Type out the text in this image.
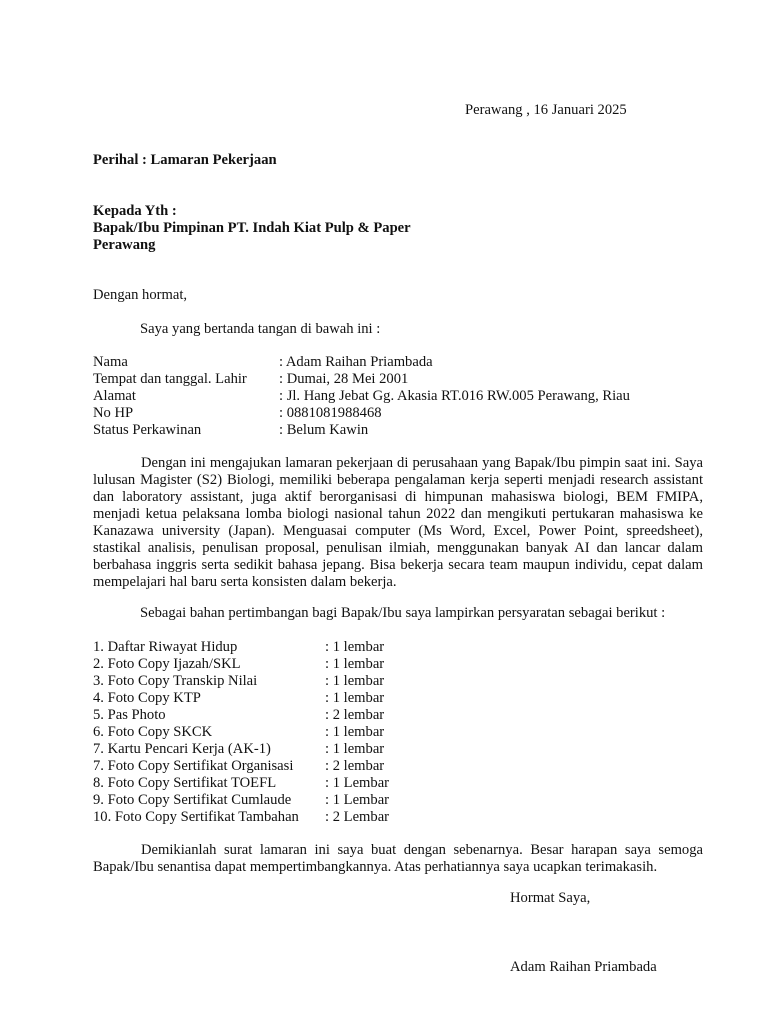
Perawang , 16 Januari 2025
Perihal : Lamaran Pekerjaan
Kepada Yth :
Bapak/Ibu Pimpinan PT. Indah Kiat Pulp & Paper
Perawang
Dengan hormat,
Saya yang bertanda tangan di bawah ini :
Nama	: Adam Raihan Priambada
Tempat dan tanggal. Lahir : Dumai, 28 Mei 2001
Alamat	: Jl. Hang Jebat Gg. Akasia RT.016 RW.005 Perawang, Riau
No HP	: 0881081988468
Status Perkawinan	: Belum Kawin
Dengan ini mengajukan lamaran pekerjaan di perusahaan yang Bapak/Ibu pimpin saat ini. Saya lulusan Magister (S2) Biologi, memiliki beberapa pengalaman kerja seperti menjadi research assistant dan laboratory assistant, juga aktif berorganisasi di himpunan mahasiswa biologi, BEM FMIPA, menjadi ketua pelaksana lomba biologi nasional tahun 2022 dan mengikuti pertukaran mahasiswa ke Kanazawa university (Japan). Menguasai computer (Ms Word, Excel, Power Point, spreedsheet), stastikal analisis, penulisan proposal, penulisan ilmiah, menggunakan banyak AI dan lancar dalam berbahasa inggris serta sedikit bahasa jepang. Bisa bekerja secara team maupun individu, cepat dalam mempelajari hal baru serta konsisten dalam bekerja.
Sebagai bahan pertimbangan bagi Bapak/Ibu saya lampirkan persyaratan sebagai berikut :
1. Daftar Riwayat Hidup	: 1 lembar
2. Foto Copy Ijazah/SKL	: 1 lembar
3. Foto Copy Transkip Nilai	: 1 lembar
4. Foto Copy KTP	: 1 lembar
5. Pas Photo	: 2 lembar
6. Foto Copy SKCK	: 1 lembar
7. Kartu Pencari Kerja (AK-1)	: 1 lembar
7. Foto Copy Sertifikat Organisasi : 2 lembar
8. Foto Copy Sertifikat TOEFL	: 1 Lembar
9. Foto Copy Sertifikat Cumlaude : 1 Lembar
10. Foto Copy Sertifikat Tambahan : 2 Lembar
Demikianlah surat lamaran ini saya buat dengan sebenarnya. Besar harapan saya semoga Bapak/Ibu senantisa dapat mempertimbangkannya. Atas perhatiannya saya ucapkan terimakasih.
Hormat Saya,
Adam Raihan Priambada
